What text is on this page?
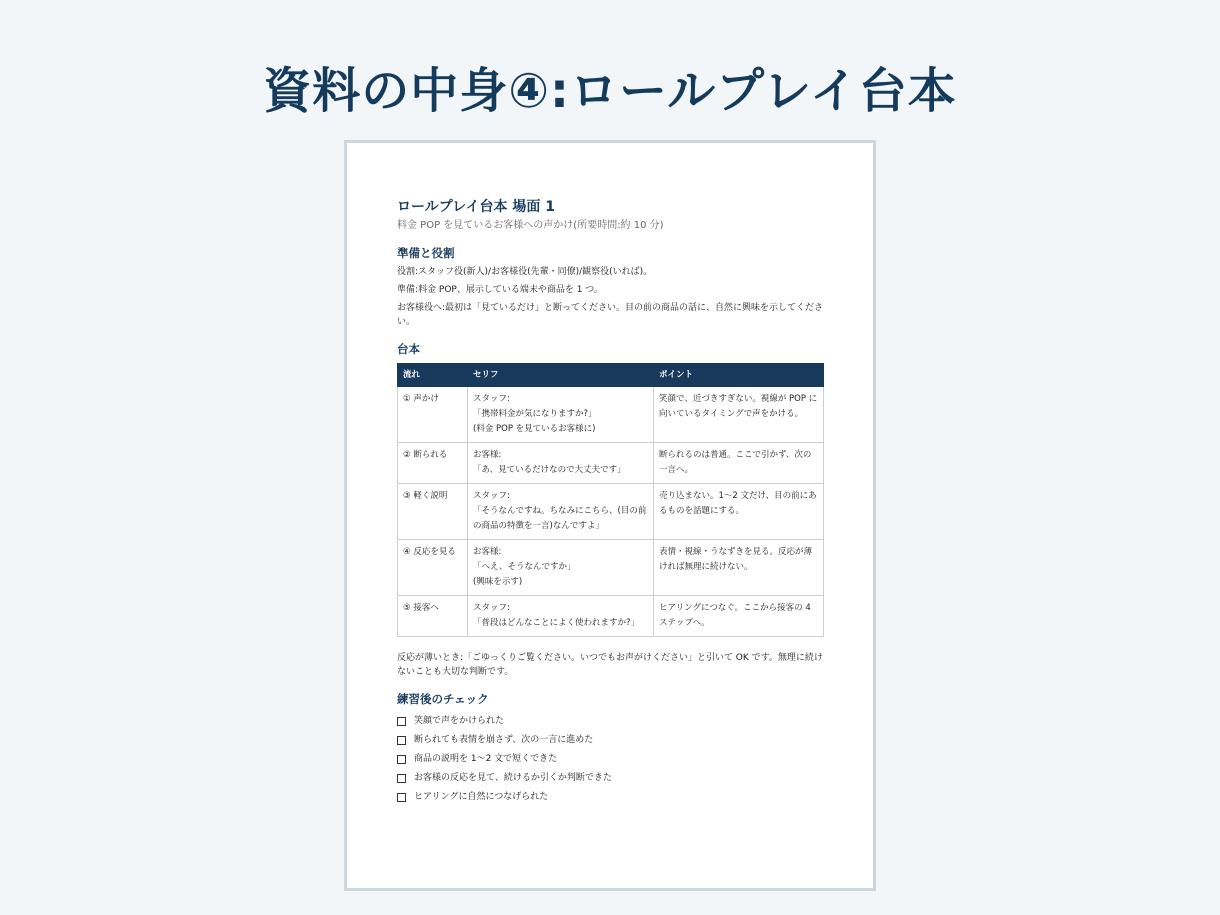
資料の中身④:ロールプレイ台本
ロールプレイ台本 場面 1

料金 POP を見ているお客様への声かけ(所要時間:約 10 分)

準備と役割

役割:スタッフ役(新人)/お客様役(先輩・同僚)/観察役(いれば)。

準備:料金 POP、展示している端末や商品を 1 つ。

お客様役へ:最初は「見ているだけ」と断ってください。目の前の商品の話に、自然に興味を示してください。

台本
流れ	セリフ	ポイント
① 声かけ	スタッフ:
「携帯料金が気になりますか?」
(料金 POP を見ているお客様に)	笑顔で、近づきすぎない。視線が POP に向いているタイミングで声をかける。
② 断られる	お客様:
「あ、見ているだけなので大丈夫です」	断られるのは普通。ここで引かず、次の一言へ。
③ 軽く説明	スタッフ:
「そうなんですね。ちなみにこちら、(目の前の商品の特徴を一言)なんですよ」	売り込まない。1〜2 文だけ、目の前にあるものを話題にする。
④ 反応を見る	お客様:
「へえ、そうなんですか」
(興味を示す)	表情・視線・うなずきを見る。反応が薄ければ無理に続けない。
⑤ 接客へ	スタッフ:
「普段はどんなことによく使われますか?」	ヒアリングにつなぐ。ここから接客の 4 ステップへ。

反応が薄いとき:「ごゆっくりご覧ください。いつでもお声がけください」と引いて OK です。無理に続けないことも大切な判断です。

練習後のチェック
笑顔で声をかけられた
断られても表情を崩さず、次の一言に進めた
商品の説明を 1〜2 文で短くできた
お客様の反応を見て、続けるか引くか判断できた
ヒアリングに自然につなげられた
